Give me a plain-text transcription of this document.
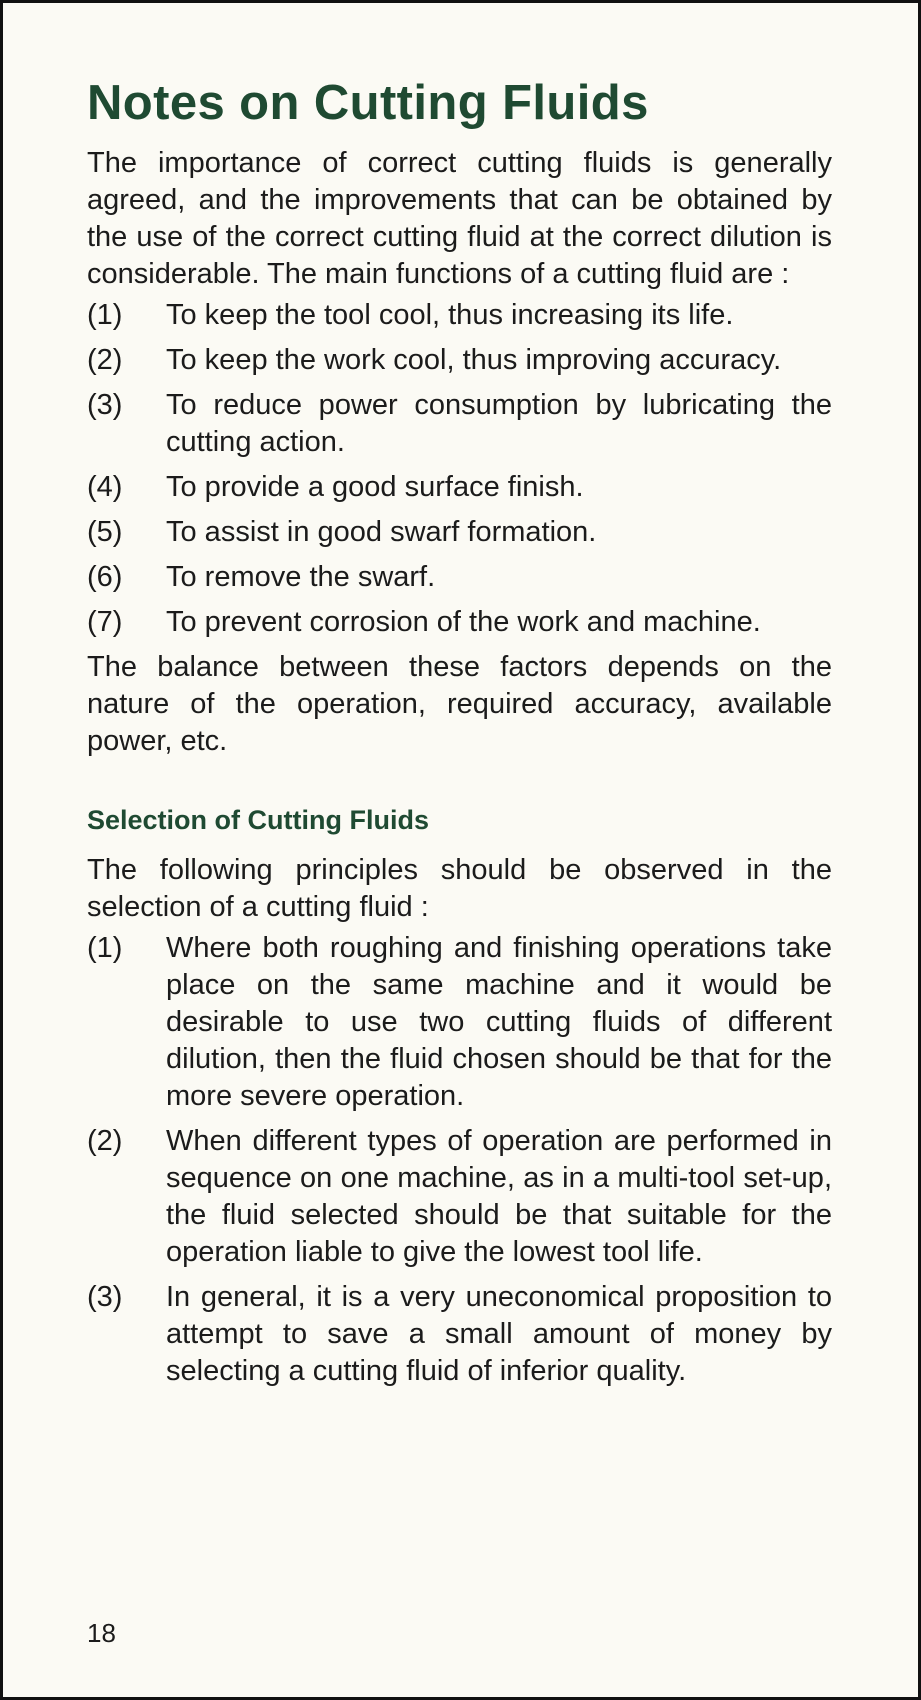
Notes on Cutting Fluids

The importance of correct cutting fluids is generally agreed, and the improvements that can be obtained by the use of the correct cutting fluid at the correct dilution is considerable. The main functions of a cutting fluid are :

(1)	To keep the tool cool, thus increasing its life.
(2)	To keep the work cool, thus improving accuracy.
(3)	To reduce power consumption by lubricating the cutting action.
(4)	To provide a good surface finish.
(5)	To assist in good swarf formation.
(6)	To remove the swarf.
(7)	To prevent corrosion of the work and machine.

The balance between these factors depends on the nature of the operation, required accuracy, available power, etc.

Selection of Cutting Fluids

The following principles should be observed in the selection of a cutting fluid :

(1)	Where both roughing and finishing operations take place on the same machine and it would be desirable to use two cutting fluids of different dilution, then the fluid chosen should be that for the more severe operation.
(2)	When different types of operation are performed in sequence on one machine, as in a multi-tool set-up, the fluid selected should be that suitable for the operation liable to give the lowest tool life.
(3)	In general, it is a very uneconomical proposition to attempt to save a small amount of money by selecting a cutting fluid of inferior quality.
18
